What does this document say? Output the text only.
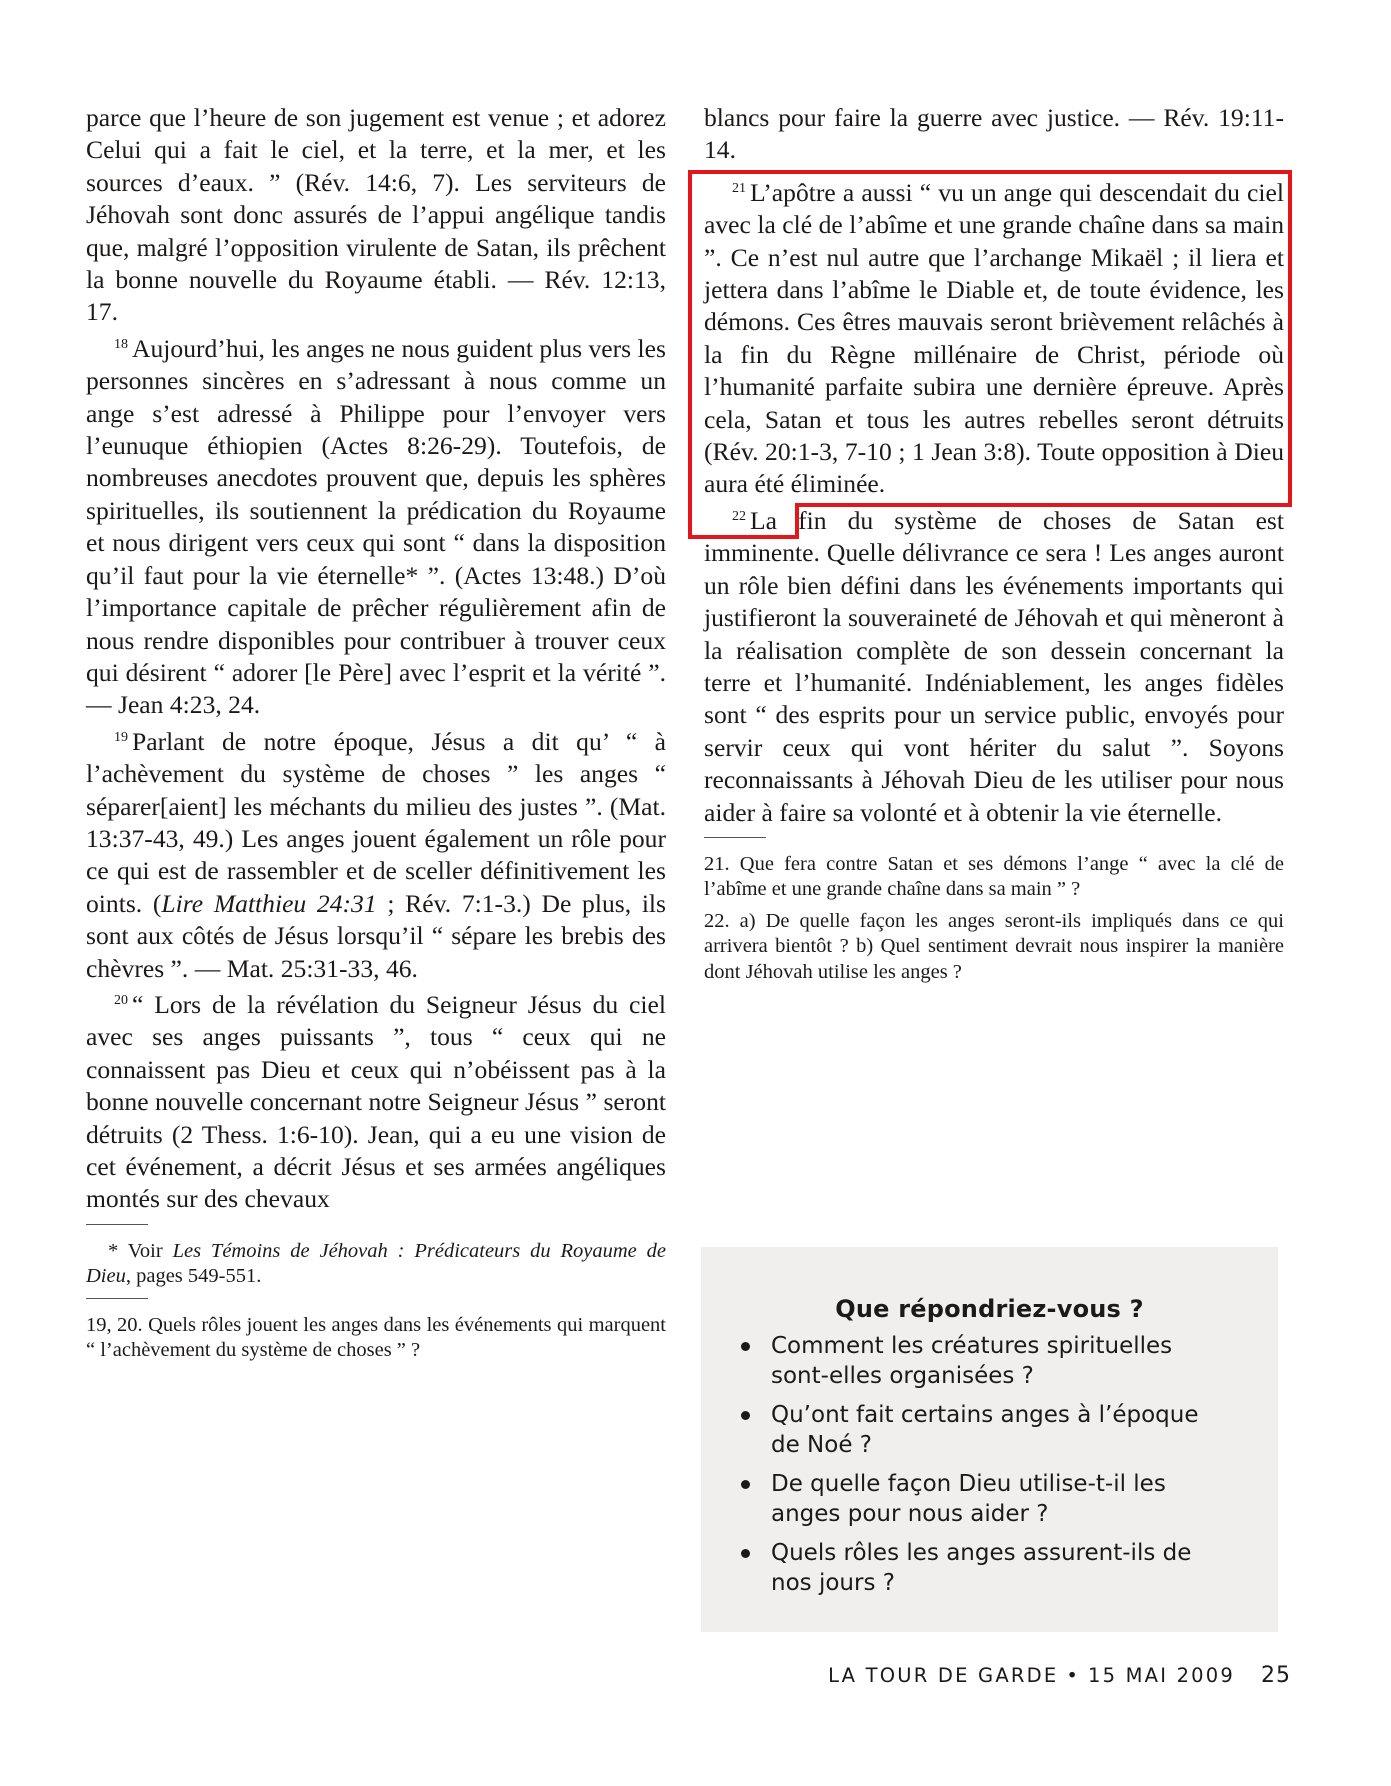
parce que l’heure de son jugement est venue ; et adorez Celui qui a fait le ciel, et la terre, et la mer, et les sources d’eaux. ” (Rév. 14:6, 7). Les serviteurs de Jéhovah sont donc assurés de l’appui angélique tandis que, malgré l’opposition virulente de Satan, ils prêchent la bonne nouvelle du Royaume établi. — Rév. 12:13, 17.

$^{18}$ Aujourd’hui, les anges ne nous guident plus vers les personnes sincères en s’adressant à nous comme un ange s’est adressé à Philippe pour l’envoyer vers l’eunuque éthiopien (Actes 8:26-29). Toutefois, de nombreuses anecdotes prouvent que, depuis les sphères spirituelles, ils soutiennent la prédication du Royaume et nous dirigent vers ceux qui sont “ dans la disposition qu’il faut pour la vie éternelle* ”. (Actes 13:48.) D’où l’importance capitale de prêcher régulièrement afin de nous rendre disponibles pour contribuer à trouver ceux qui désirent “ adorer [le Père] avec l’esprit et la vérité ”. — Jean 4:23, 24.

$^{19}$ Parlant de notre époque, Jésus a dit qu’ “ à l’achèvement du système de choses ” les anges “ séparer[aient] les méchants du milieu des justes ”. (Mat. 13:37-43, 49.) Les anges jouent également un rôle pour ce qui est de rassembler et de sceller définitivement les oints. (Lire Matthieu 24:31 ; Rév. 7:1-3.) De plus, ils sont aux côtés de Jésus lorsqu’il “ sépare les brebis des chèvres ”. — Mat. 25:31-33, 46.

$^{20}$ “ Lors de la révélation du Seigneur Jésus du ciel avec ses anges puissants ”, tous “ ceux qui ne connaissent pas Dieu et ceux qui n’obéissent pas à la bonne nouvelle concernant notre Seigneur Jésus ” seront détruits (2 Thess. 1:6-10). Jean, qui a eu une vision de cet événement, a décrit Jésus et ses armées angéliques montés sur des chevaux

* Voir Les Témoins de Jéhovah : Prédicateurs du Royaume de Dieu, pages 549-551.

19, 20. Quels rôles jouent les anges dans les événements qui marquent “ l’achèvement du système de choses ” ?

blancs pour faire la guerre avec justice. — Rév. 19:11-14.

$^{21}$ L’apôtre a aussi “ vu un ange qui descendait du ciel avec la clé de l’abîme et une grande chaîne dans sa main ”. Ce n’est nul autre que l’archange Mikaël ; il liera et jettera dans l’abîme le Diable et, de toute évidence, les démons. Ces êtres mauvais seront brièvement relâchés à la fin du Règne millénaire de Christ, période où l’humanité parfaite subira une dernière épreuve. Après cela, Satan et tous les autres rebelles seront détruits (Rév. 20:1-3, 7-10 ; 1 Jean 3:8). Toute opposition à Dieu aura été éliminée.

$^{22}$ La fin du système de choses de Satan est imminente. Quelle délivrance ce sera ! Les anges auront un rôle bien défini dans les événements importants qui justifieront la souveraineté de Jéhovah et qui mèneront à la réalisation complète de son dessein concernant la terre et l’humanité. Indéniablement, les anges fidèles sont “ des esprits pour un service public, envoyés pour servir ceux qui vont hériter du salut ”. Soyons reconnaissants à Jéhovah Dieu de les utiliser pour nous aider à faire sa volonté et à obtenir la vie éternelle.

21. Que fera contre Satan et ses démons l’ange “ avec la clé de l’abîme et une grande chaîne dans sa main ” ?

22. a) De quelle façon les anges seront-ils impliqués dans ce qui arrivera bientôt ? b) Quel sentiment devrait nous inspirer la manière dont Jéhovah utilise les anges ?

Que répondriez-vous ?
Comment les créatures spirituelles sont-elles organisées ?
Qu’ont fait certains anges à l’époque de Noé ?
De quelle façon Dieu utilise-t-il les anges pour nous aider ?
Quels rôles les anges assurent-ils de nos jours ?
LA TOUR DE GARDE • 15 MAI 2009 25
